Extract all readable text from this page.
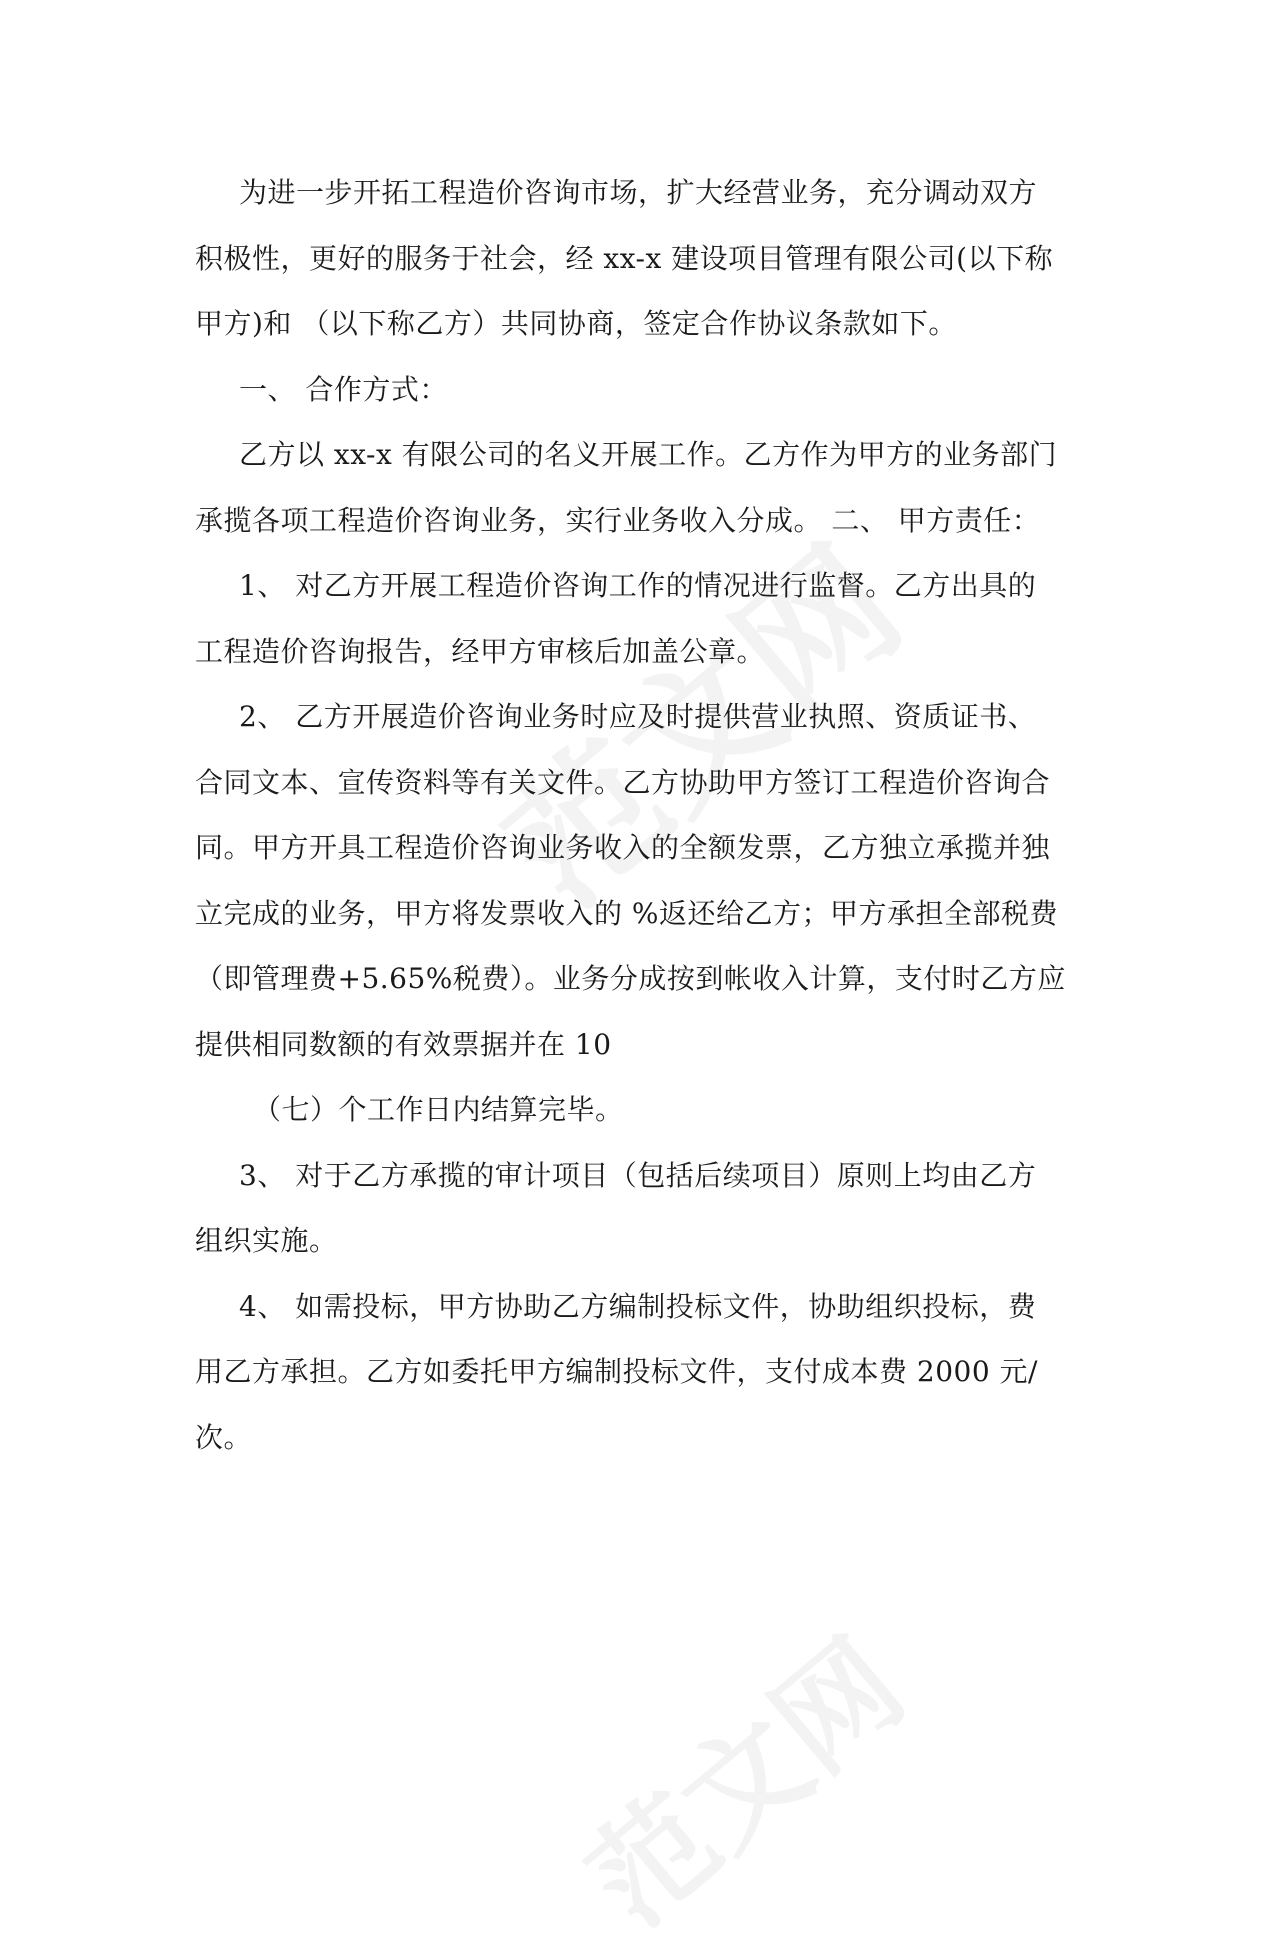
为进一步开拓工程造价咨询市场，扩大经营业务，充分调动双方
积极性，更好的服务于社会，经 xx-x 建设项目管理有限公司(以下称
甲方)和 （以下称乙方）共同协商，签定合作协议条款如下。

一、 合作方式：

乙方以 xx-x 有限公司的名义开展工作。乙方作为甲方的业务部门
承揽各项工程造价咨询业务，实行业务收入分成。 二、 甲方责任：

1、 对乙方开展工程造价咨询工作的情况进行监督。乙方出具的
工程造价咨询报告，经甲方审核后加盖公章。

2、 乙方开展造价咨询业务时应及时提供营业执照、资质证书、
合同文本、宣传资料等有关文件。乙方协助甲方签订工程造价咨询合
同。甲方开具工程造价咨询业务收入的全额发票，乙方独立承揽并独
立完成的业务，甲方将发票收入的 %返还给乙方；甲方承担全部税费
（即管理费+5.65%税费）。业务分成按到帐收入计算，支付时乙方应
提供相同数额的有效票据并在 10

（七）个工作日内结算完毕。

3、 对于乙方承揽的审计项目（包括后续项目）原则上均由乙方
组织实施。

4、 如需投标，甲方协助乙方编制投标文件，协助组织投标，费
用乙方承担。乙方如委托甲方编制投标文件，支付成本费 2000 元/
次。
